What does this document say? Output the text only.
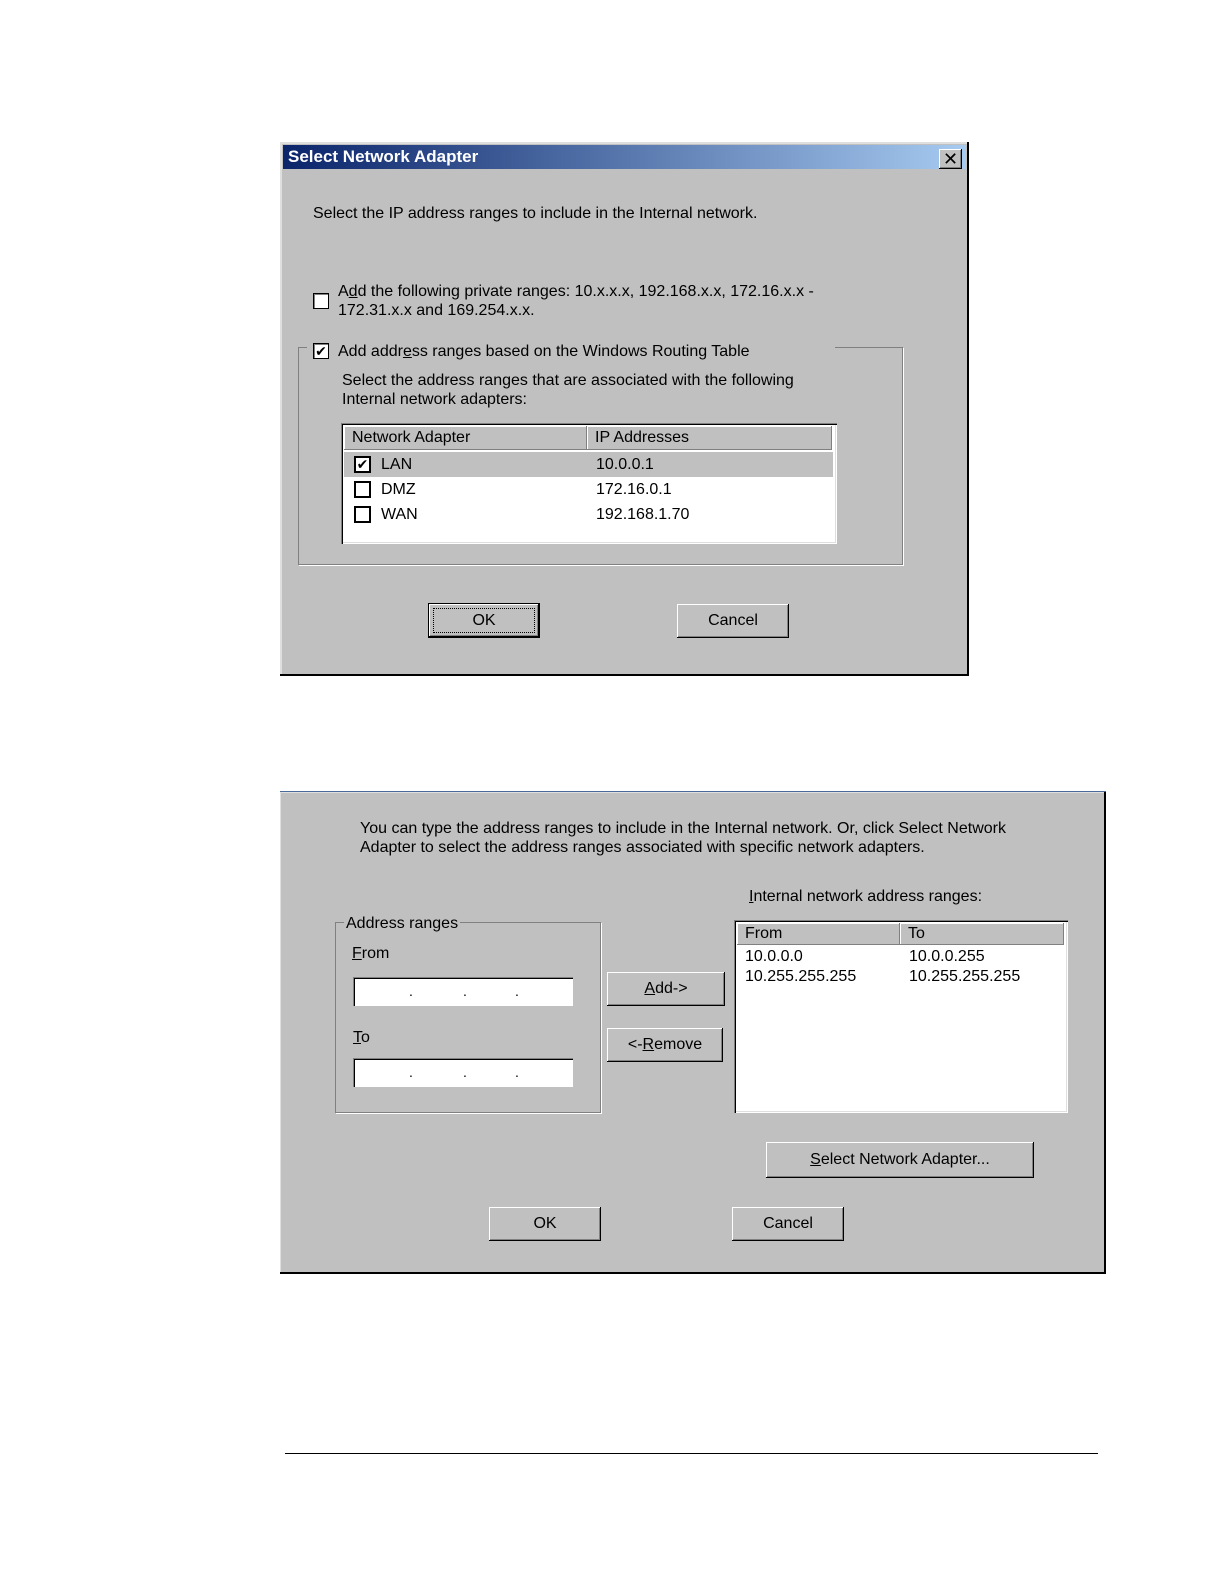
Select Network Adapter	✕
Select the IP address ranges to include in the Internal network.
Add the following private ranges: 10.x.x.x, 192.168.x.x, 172.16.x.x -
172.31.x.x and 169.254.x.x.
✔ Add address ranges based on the Windows Routing Table
Select the address ranges that are associated with the following
Internal network adapters:
Network Adapter	IP Addresses
✔ LAN	10.0.0.1
DMZ	172.16.0.1
WAN	192.168.1.70
OK	Cancel
You can type the address ranges to include in the Internal network. Or, click Select Network
Adapter to select the address ranges associated with specific network adapters.
Address ranges
From
.	.	.
To
.	.	.
Add->
<-Remove
Internal network address ranges:
From	To
10.0.0.0	10.0.0.255
10.255.255.255	10.255.255.255
Select Network Adapter...
OK	Cancel
